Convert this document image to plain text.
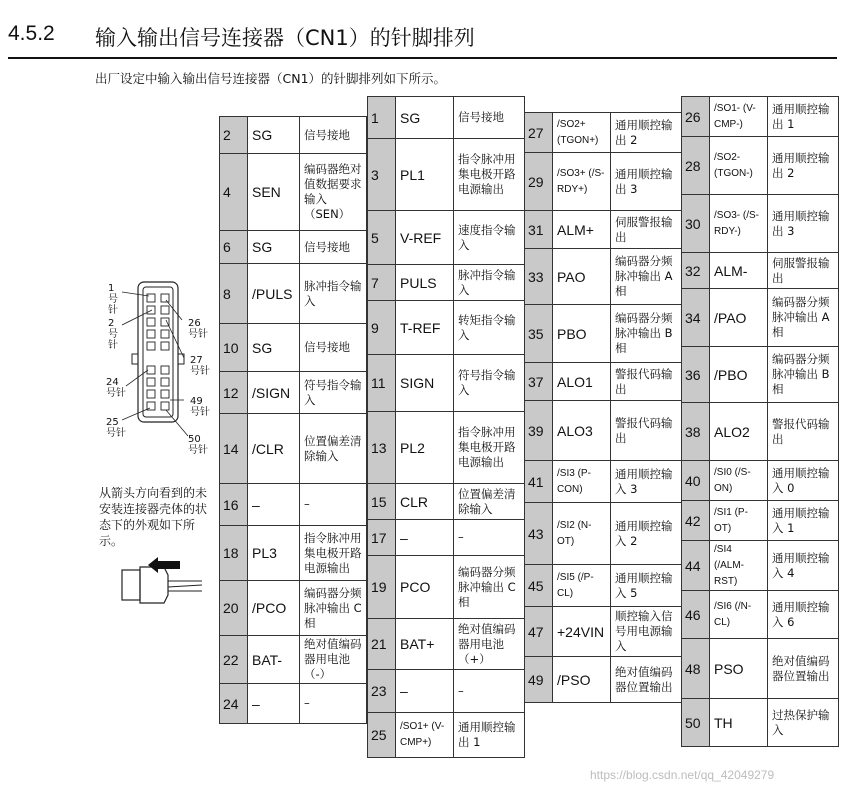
4.5.2 输入输出信号连接器（CN1）的针脚排列
出厂设定中输入输出信号连接器（CN1）的针脚排列如下所示。
1号针
2号针
26号针
27号针
24号针
49号针
25号针
50号针
从箭头方向看到的未安装连接器壳体的状态下的外观如下所示。
2	SG	信号接地
4	SEN	编码器绝对值数据要求输入（SEN）
6	SG	信号接地
8	/PULS	脉冲指令输入
10	SG	信号接地
12	/SIGN	符号指令输入
14	/CLR	位置偏差清除输入
16	–	–
18	PL3	指令脉冲用集电极开路电源输出
20	/PCO	编码器分频脉冲输出 C 相
22	BAT-	绝对值编码器用电池（-）
24	–	–
1	SG	信号接地
3	PL1	指令脉冲用集电极开路电源输出
5	V-REF	速度指令输入
7	PULS	脉冲指令输入
9	T-REF	转矩指令输入
11	SIGN	符号指令输入
13	PL2	指令脉冲用集电极开路电源输出
15	CLR	位置偏差清除输入
17	–	–
19	PCO	编码器分频脉冲输出 C 相
21	BAT+	绝对值编码器用电池（+）
23	–	–
25	/SO1+ (V-CMP+)	通用顺控输出 1
27	/SO2+ (TGON+)	通用顺控输出 2
29	/SO3+ (/S-RDY+)	通用顺控输出 3
31	ALM+	伺服警报输出
33	PAO	编码器分频脉冲输出 A 相
35	PBO	编码器分频脉冲输出 B 相
37	ALO1	警报代码输出
39	ALO3	警报代码输出
41	/SI3 (P-CON)	通用顺控输入 3
43	/SI2 (N-OT)	通用顺控输入 2
45	/SI5 (/P-CL)	通用顺控输入 5
47	+24VIN	顺控输入信号用电源输入
49	/PSO	绝对值编码器位置输出
26	/SO1- (V-CMP-)	通用顺控输出 1
28	/SO2- (TGON-)	通用顺控输出 2
30	/SO3- (/S-RDY-)	通用顺控输出 3
32	ALM-	伺服警报输出
34	/PAO	编码器分频脉冲输出 A 相
36	/PBO	编码器分频脉冲输出 B 相
38	ALO2	警报代码输出
40	/SI0 (/S-ON)	通用顺控输入 0
42	/SI1 (P-OT)	通用顺控输入 1
44	/SI4 (/ALM-RST)	通用顺控输入 4
46	/SI6 (/N-CL)	通用顺控输入 6
48	PSO	绝对值编码器位置输出
50	TH	过热保护输入
https://blog.csdn.net/qq_42049279
